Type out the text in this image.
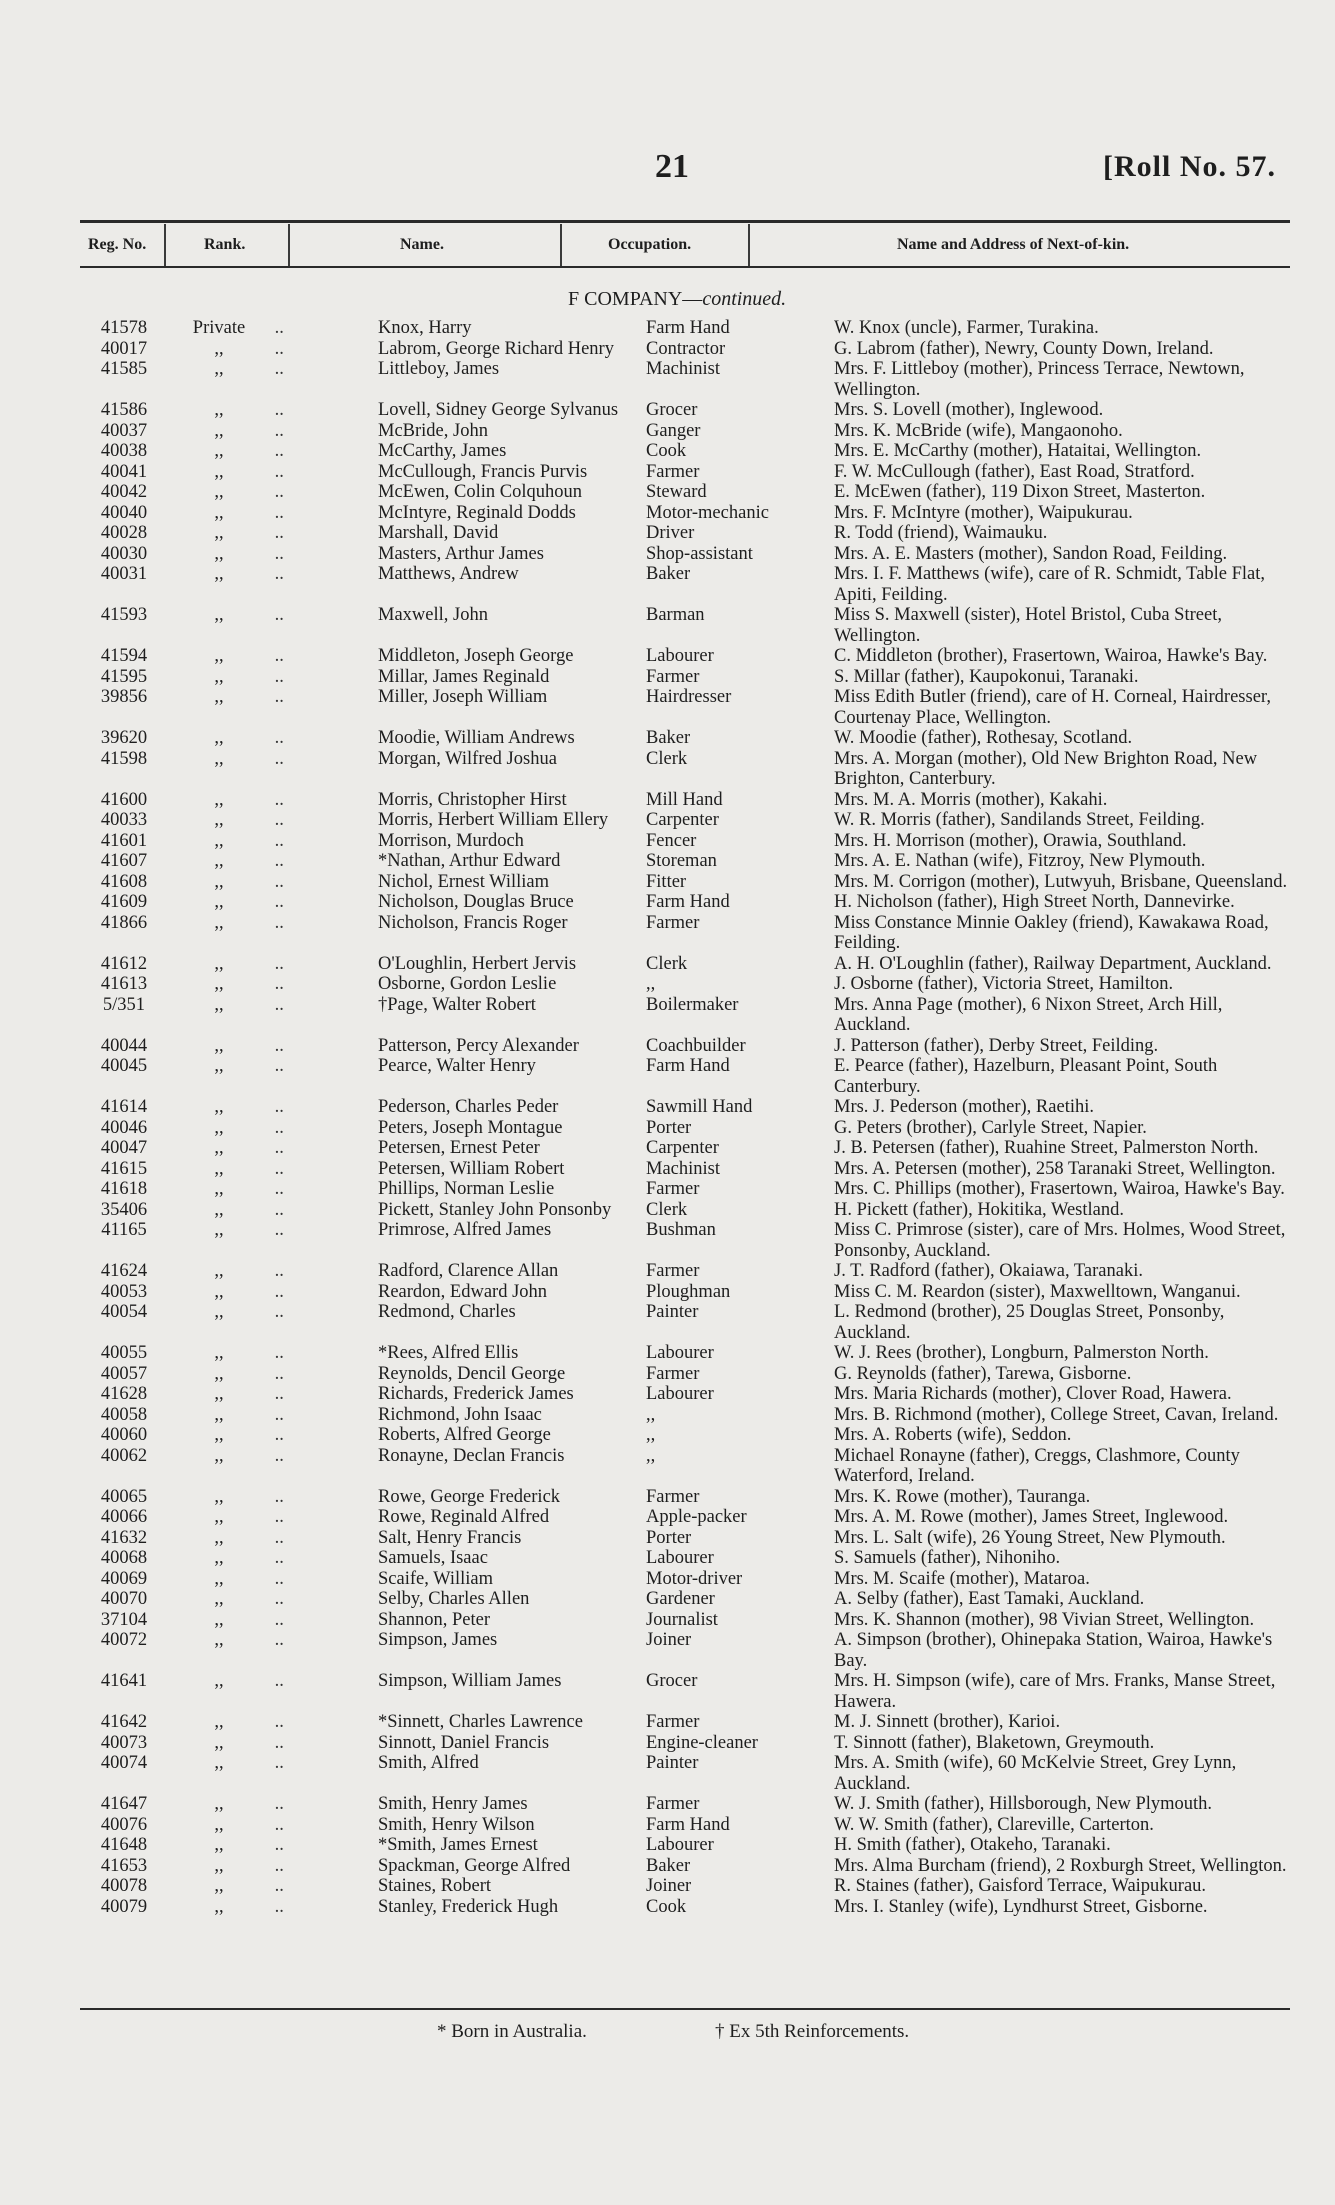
21	[Roll No. 57.
Reg. No.	Rank.	Name.	Occupation.	Name and Address of Next-of-kin.
F COMPANY—continued.
41578	Private ..	Knox, Harry	Farm Hand	W. Knox (uncle), Farmer, Turakina.
40017	,, ..	Labrom, George Richard Henry	Contractor	G. Labrom (father), Newry, County Down, Ireland.
41585	,, ..	Littleboy, James	Machinist	Mrs. F. Littleboy (mother), Princess Terrace, Newtown, Wellington.
41586	,, ..	Lovell, Sidney George Sylvanus	Grocer	Mrs. S. Lovell (mother), Inglewood.
40037	,, ..	McBride, John	Ganger	Mrs. K. McBride (wife), Mangaonoho.
40038	,, ..	McCarthy, James	Cook	Mrs. E. McCarthy (mother), Hataitai, Wellington.
40041	,, ..	McCullough, Francis Purvis	Farmer	F. W. McCullough (father), East Road, Stratford.
40042	,, ..	McEwen, Colin Colquhoun	Steward	E. McEwen (father), 119 Dixon Street, Masterton.
40040	,, ..	McIntyre, Reginald Dodds	Motor-mechanic	Mrs. F. McIntyre (mother), Waipukurau.
40028	,, ..	Marshall, David	Driver	R. Todd (friend), Waimauku.
40030	,, ..	Masters, Arthur James	Shop-assistant	Mrs. A. E. Masters (mother), Sandon Road, Feilding.
40031	,, ..	Matthews, Andrew	Baker	Mrs. I. F. Matthews (wife), care of R. Schmidt, Table Flat, Apiti, Feilding.
41593	,, ..	Maxwell, John	Barman	Miss S. Maxwell (sister), Hotel Bristol, Cuba Street, Wellington.
41594	,, ..	Middleton, Joseph George	Labourer	C. Middleton (brother), Frasertown, Wairoa, Hawke's Bay.
41595	,, ..	Millar, James Reginald	Farmer	S. Millar (father), Kaupokonui, Taranaki.
39856	,, ..	Miller, Joseph William	Hairdresser	Miss Edith Butler (friend), care of H. Corneal, Hairdresser, Courtenay Place, Wellington.
39620	,, ..	Moodie, William Andrews	Baker	W. Moodie (father), Rothesay, Scotland.
41598	,, ..	Morgan, Wilfred Joshua	Clerk	Mrs. A. Morgan (mother), Old New Brighton Road, New Brighton, Canterbury.
41600	,, ..	Morris, Christopher Hirst	Mill Hand	Mrs. M. A. Morris (mother), Kakahi.
40033	,, ..	Morris, Herbert William Ellery	Carpenter	W. R. Morris (father), Sandilands Street, Feilding.
41601	,, ..	Morrison, Murdoch	Fencer	Mrs. H. Morrison (mother), Orawia, Southland.
41607	,, ..	*Nathan, Arthur Edward	Storeman	Mrs. A. E. Nathan (wife), Fitzroy, New Plymouth.
41608	,, ..	Nichol, Ernest William	Fitter	Mrs. M. Corrigon (mother), Lutwyuh, Brisbane, Queensland.
41609	,, ..	Nicholson, Douglas Bruce	Farm Hand	H. Nicholson (father), High Street North, Dannevirke.
41866	,, ..	Nicholson, Francis Roger	Farmer	Miss Constance Minnie Oakley (friend), Kawakawa Road, Feilding.
41612	,, ..	O'Loughlin, Herbert Jervis	Clerk	A. H. O'Loughlin (father), Railway Department, Auckland.
41613	,, ..	Osborne, Gordon Leslie	,,	J. Osborne (father), Victoria Street, Hamilton.
5/351	,, ..	†Page, Walter Robert	Boilermaker	Mrs. Anna Page (mother), 6 Nixon Street, Arch Hill, Auckland.
40044	,, ..	Patterson, Percy Alexander	Coachbuilder	J. Patterson (father), Derby Street, Feilding.
40045	,, ..	Pearce, Walter Henry	Farm Hand	E. Pearce (father), Hazelburn, Pleasant Point, South Canterbury.
41614	,, ..	Pederson, Charles Peder	Sawmill Hand	Mrs. J. Pederson (mother), Raetihi.
40046	,, ..	Peters, Joseph Montague	Porter	G. Peters (brother), Carlyle Street, Napier.
40047	,, ..	Petersen, Ernest Peter	Carpenter	J. B. Petersen (father), Ruahine Street, Palmerston North.
41615	,, ..	Petersen, William Robert	Machinist	Mrs. A. Petersen (mother), 258 Taranaki Street, Wellington.
41618	,, ..	Phillips, Norman Leslie	Farmer	Mrs. C. Phillips (mother), Frasertown, Wairoa, Hawke's Bay.
35406	,, ..	Pickett, Stanley John Ponsonby	Clerk	H. Pickett (father), Hokitika, Westland.
41165	,, ..	Primrose, Alfred James	Bushman	Miss C. Primrose (sister), care of Mrs. Holmes, Wood Street, Ponsonby, Auckland.
41624	,, ..	Radford, Clarence Allan	Farmer	J. T. Radford (father), Okaiawa, Taranaki.
40053	,, ..	Reardon, Edward John	Ploughman	Miss C. M. Reardon (sister), Maxwelltown, Wanganui.
40054	,, ..	Redmond, Charles	Painter	L. Redmond (brother), 25 Douglas Street, Ponsonby, Auckland.
40055	,, ..	*Rees, Alfred Ellis	Labourer	W. J. Rees (brother), Longburn, Palmerston North.
40057	,, ..	Reynolds, Dencil George	Farmer	G. Reynolds (father), Tarewa, Gisborne.
41628	,, ..	Richards, Frederick James	Labourer	Mrs. Maria Richards (mother), Clover Road, Hawera.
40058	,, ..	Richmond, John Isaac	,,	Mrs. B. Richmond (mother), College Street, Cavan, Ireland.
40060	,, ..	Roberts, Alfred George	,,	Mrs. A. Roberts (wife), Seddon.
40062	,, ..	Ronayne, Declan Francis	,,	Michael Ronayne (father), Creggs, Clashmore, County Waterford, Ireland.
40065	,, ..	Rowe, George Frederick	Farmer	Mrs. K. Rowe (mother), Tauranga.
40066	,, ..	Rowe, Reginald Alfred	Apple-packer	Mrs. A. M. Rowe (mother), James Street, Inglewood.
41632	,, ..	Salt, Henry Francis	Porter	Mrs. L. Salt (wife), 26 Young Street, New Plymouth.
40068	,, ..	Samuels, Isaac	Labourer	S. Samuels (father), Nihoniho.
40069	,, ..	Scaife, William	Motor-driver	Mrs. M. Scaife (mother), Mataroa.
40070	,, ..	Selby, Charles Allen	Gardener	A. Selby (father), East Tamaki, Auckland.
37104	,, ..	Shannon, Peter	Journalist	Mrs. K. Shannon (mother), 98 Vivian Street, Wellington.
40072	,, ..	Simpson, James	Joiner	A. Simpson (brother), Ohinepaka Station, Wairoa, Hawke's Bay.
41641	,, ..	Simpson, William James	Grocer	Mrs. H. Simpson (wife), care of Mrs. Franks, Manse Street, Hawera.
41642	,, ..	*Sinnett, Charles Lawrence	Farmer	M. J. Sinnett (brother), Karioi.
40073	,, ..	Sinnott, Daniel Francis	Engine-cleaner	T. Sinnott (father), Blaketown, Greymouth.
40074	,, ..	Smith, Alfred	Painter	Mrs. A. Smith (wife), 60 McKelvie Street, Grey Lynn, Auckland.
41647	,, ..	Smith, Henry James	Farmer	W. J. Smith (father), Hillsborough, New Plymouth.
40076	,, ..	Smith, Henry Wilson	Farm Hand	W. W. Smith (father), Clareville, Carterton.
41648	,, ..	*Smith, James Ernest	Labourer	H. Smith (father), Otakeho, Taranaki.
41653	,, ..	Spackman, George Alfred	Baker	Mrs. Alma Burcham (friend), 2 Roxburgh Street, Wellington.
40078	,, ..	Staines, Robert	Joiner	R. Staines (father), Gaisford Terrace, Waipukurau.
40079	,, ..	Stanley, Frederick Hugh	Cook	Mrs. I. Stanley (wife), Lyndhurst Street, Gisborne.
* Born in Australia.	† Ex 5th Reinforcements.
